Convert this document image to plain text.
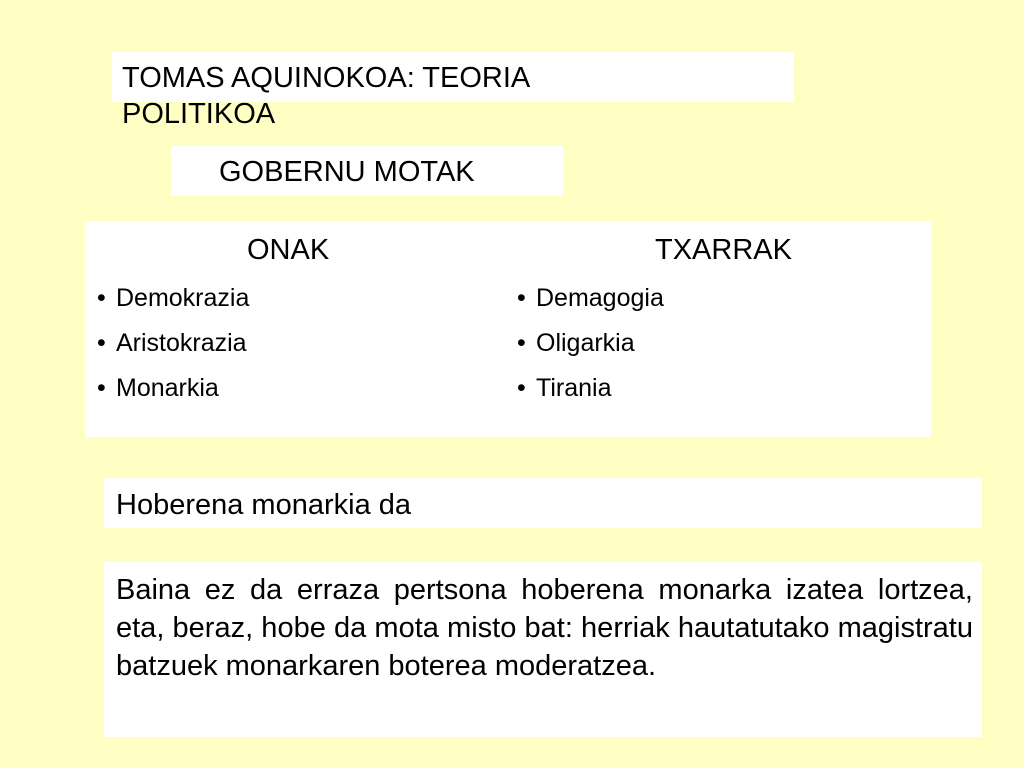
TOMAS AQUINOKOA: TEORIA POLITIKOA
GOBERNU MOTAK
ONAK
• Demokrazia
• Aristokrazia
• Monarkia
TXARRAK
• Demagogia
• Oligarkia
• Tirania

Hoberena monarkia da

Baina ez da erraza pertsona hoberena monarka izatea lortzea, eta, beraz, hobe da mota misto bat: herriak hautatutako magistratu batzuek monarkaren boterea moderatzea.
